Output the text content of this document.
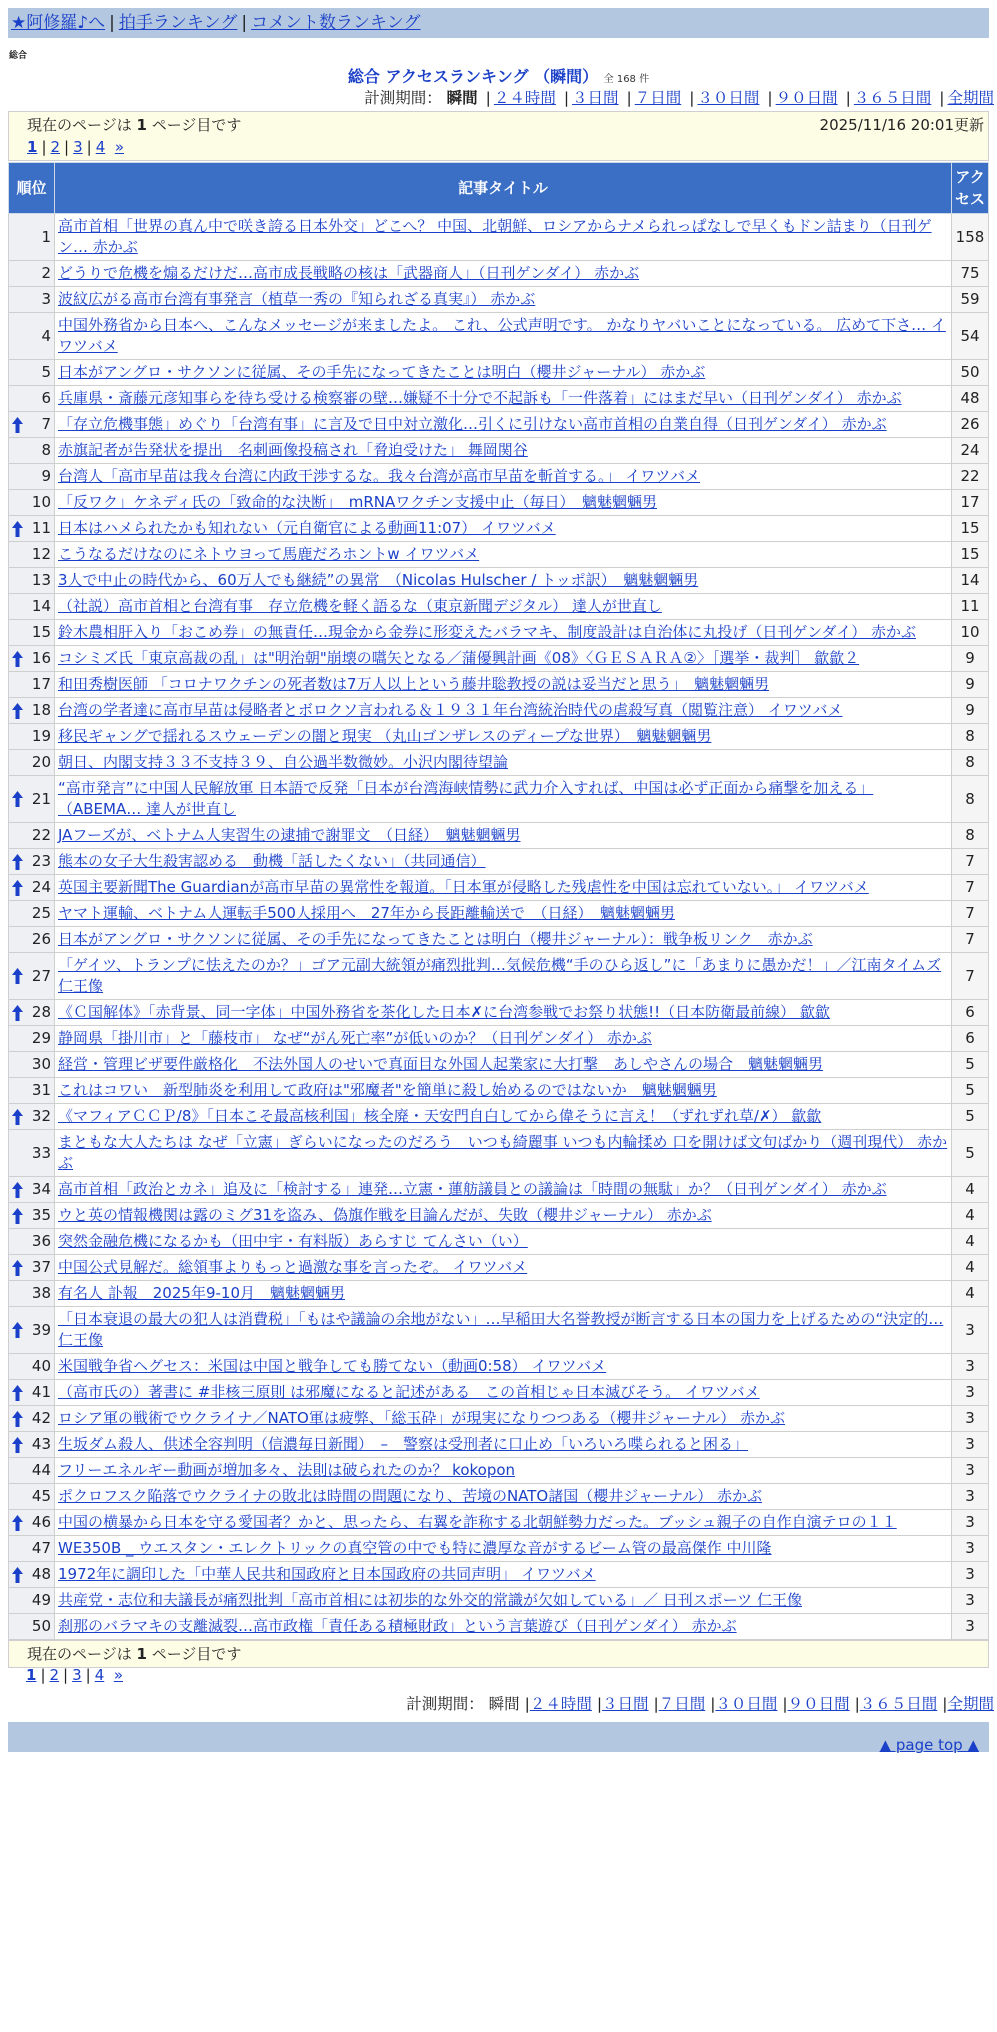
★阿修羅♪へ | 拍手ランキング | コメント数ランキング
総合
総合 アクセスランキング （瞬間） 全 168 件
計測期間： 瞬間 | ２４時間 | ３日間 | ７日間 | ３０日間 | ９０日間 | ３６５日間 | 全期間
現在のページは 1 ページ目です	2025/11/16 20:01更新
1 | 2 | 3 | 4 »
順位	記事タイトル	アクセス
1	高市首相「世界の真ん中で咲き誇る日本外交」どこへ？ 中国、北朝鮮、ロシアからナメられっぱなしで早くもドン詰まり（日刊ゲン… 赤かぶ	158
2	どうりで危機を煽るだけだ…高市成長戦略の核は「武器商人」（日刊ゲンダイ） 赤かぶ	75
3	波紋広がる高市台湾有事発言（植草一秀の『知られざる真実』） 赤かぶ	59
4	中国外務省から日本へ、こんなメッセージが来ましたよ。 これ、公式声明です。 かなりヤバいことになっている。 広めて下さ… イワツバメ	54
5	日本がアングロ・サクソンに従属、その手先になってきたことは明白（櫻井ジャーナル） 赤かぶ	50
6	兵庫県・斎藤元彦知事らを待ち受ける検察審の壁…嫌疑不十分で不起訴も「一件落着」にはまだ早い（日刊ゲンダイ） 赤かぶ	48

7	「存立危機事態」めぐり「台湾有事」に言及で日中対立激化…引くに引けない高市首相の自業自得（日刊ゲンダイ） 赤かぶ	26
8	赤旗記者が告発状を提出　名刺画像投稿され「脅迫受けた」 舞岡関谷	24
9	台湾人「高市早苗は我々台湾に内政干渉するな。我々台湾が高市早苗を斬首する。」 イワツバメ	22
10	「反ワク」ケネディ氏の「致命的な決断」　mRNAワクチン支援中止（毎日）　魑魅魍魎男	17

11	日本はハメられたかも知れない（元自衛官による動画11:07） イワツバメ	15
12	こうなるだけなのにネトウヨって馬鹿だろホントw イワツバメ	15
13	3人で中止の時代から、60万人でも継続”の異常　（Nicolas Hulscher / トッポ訳）　魑魅魍魎男	14
14	（社説）高市首相と台湾有事　存立危機を軽く語るな（東京新聞デジタル） 達人が世直し	11
15	鈴木農相肝入り「おこめ券」の無責任…現金から金券に形変えたバラマキ、制度設計は自治体に丸投げ（日刊ゲンダイ） 赤かぶ	10

16	コシミズ氏「東京高裁の乱」は"明治朝"崩壊の嚆矢となる／蒲優興計画《08》〈ＧＥＳＡＲＡ②〉［選挙・裁判］ 歙歙２	9
17	和田秀樹医師 「コロナワクチンの死者数は7万人以上という藤井聡教授の説は妥当だと思う」　魑魅魍魎男	9

18	台湾の学者達に高市早苗は侵略者とボロクソ言われる＆１９３１年台湾統治時代の虐殺写真（閲覧注意） イワツバメ	9
19	移民ギャングで揺れるスウェーデンの闇と現実 （丸山ゴンザレスのディープな世界）　魑魅魍魎男	8
20	朝日、内閣支持３３不支持３９、自公過半数微妙。小沢内閣待望論	8

21	“高市発言”に中国人民解放軍 日本語で反発「日本が台湾海峡情勢に武力介入すれば、中国は必ず正面から痛撃を加える」（ABEMA… 達人が世直し	8
22	JAフーズが、ベトナム人実習生の逮捕で謝罪文　（日経）　魑魅魍魎男	8

23	熊本の女子大生殺害認める　動機「話したくない」（共同通信）	7

24	英国主要新聞The Guardianが高市早苗の異常性を報道。「日本軍が侵略した残虐性を中国は忘れていない。」 イワツバメ	7
25	ヤマト運輸、ベトナム人運転手500人採用へ　27年から長距離輸送で　（日経）　魑魅魍魎男	7
26	日本がアングロ・サクソンに従属、その手先になってきたことは明白（櫻井ジャーナル）：戦争板リンク　赤かぶ	7

27	「ゲイツ、トランプに怯えたのか？」ゴア元副大統領が痛烈批判…気候危機“手のひら返し”に「あまりに愚かだ！」／江南タイムズ 仁王像	7

28	《Ｃ国解体》「赤背景、同一字体」中国外務省を茶化した日本✗に台湾参戦でお祭り状態!!（日本防衛最前線） 歙歙	6
29	静岡県「掛川市」と「藤枝市」 なぜ“がん死亡率”が低いのか？（日刊ゲンダイ） 赤かぶ	6
30	経営・管理ビザ要件厳格化　不法外国人のせいで真面目な外国人起業家に大打撃　あしやさんの場合　魑魅魍魎男	5
31	これはコワい　新型肺炎を利用して政府は"邪魔者"を簡単に殺し始めるのではないか　魑魅魍魎男	5

32	《マフィアＣＣＰ/8》「日本こそ最高核利国」核全廃・天安門自白してから偉そうに言え！（ずれずれ草/✗） 歙歙	5
33	まともな大人たちは なぜ「立憲」ぎらいになったのだろう　いつも綺麗事 いつも内輪揉め 口を開けば文句ばかり（週刊現代） 赤かぶ	5

34	高市首相「政治とカネ」追及に「検討する」連発…立憲・蓮舫議員との議論は「時間の無駄」か？（日刊ゲンダイ） 赤かぶ	4

35	ウと英の情報機関は露のミグ31を盗み、偽旗作戦を目論んだが、失敗（櫻井ジャーナル） 赤かぶ	4
36	突然金融危機になるかも（田中宇・有料版）あらすじ てんさい（い）	4

37	中国公式見解だ。総領事よりもっと過激な事を言ったぞ。 イワツバメ	4
38	有名人 訃報　2025年9-10月　魑魅魍魎男	4

39	「日本衰退の最大の犯人は消費税」「もはや議論の余地がない」…早稲田大名誉教授が断言する日本の国力を上げるための“決定的… 仁王像	3
40	米国戦争省ヘグセス：米国は中国と戦争しても勝てない（動画0:58） イワツバメ	3

41	（高市氏の）著書に #非核三原則 は邪魔になると記述がある　この首相じゃ日本滅びそう。 イワツバメ	3

42	ロシア軍の戦術でウクライナ／NATO軍は疲弊、「総玉砕」が現実になりつつある（櫻井ジャーナル） 赤かぶ	3

43	生坂ダム殺人、供述全容判明（信濃毎日新聞）　–　警察は受刑者に口止め「いろいろ喋られると困る」	3
44	フリーエネルギー動画が増加多々、法則は破られたのか？ kokopon	3
45	ポクロフスク陥落でウクライナの敗北は時間の問題になり、苦境のNATO諸国（櫻井ジャーナル） 赤かぶ	3

46	中国の横暴から日本を守る愛国者？かと、思ったら、右翼を詐称する北朝鮮勢力だった。ブッシュ親子の自作自演テロの１１	3
47	WE350B _ ウエスタン・エレクトリックの真空管の中でも特に濃厚な音がするビーム管の最高傑作 中川隆	3

48	1972年に調印した「中華人民共和国政府と日本国政府の共同声明」 イワツバメ	3
49	共産党・志位和夫議長が痛烈批判「高市首相には初歩的な外交的常識が欠如している」／ 日刊スポーツ 仁王像	3
50	刹那のバラマキの支離滅裂…高市政権「責任ある積極財政」という言葉遊び（日刊ゲンダイ） 赤かぶ	3
現在のページは 1 ページ目です
1 | 2 | 3 | 4 »
計測期間： 瞬間 |２４時間 |３日間 |７日間 |３０日間 |９０日間 |３６５日間 |全期間
▲ page top ▲
